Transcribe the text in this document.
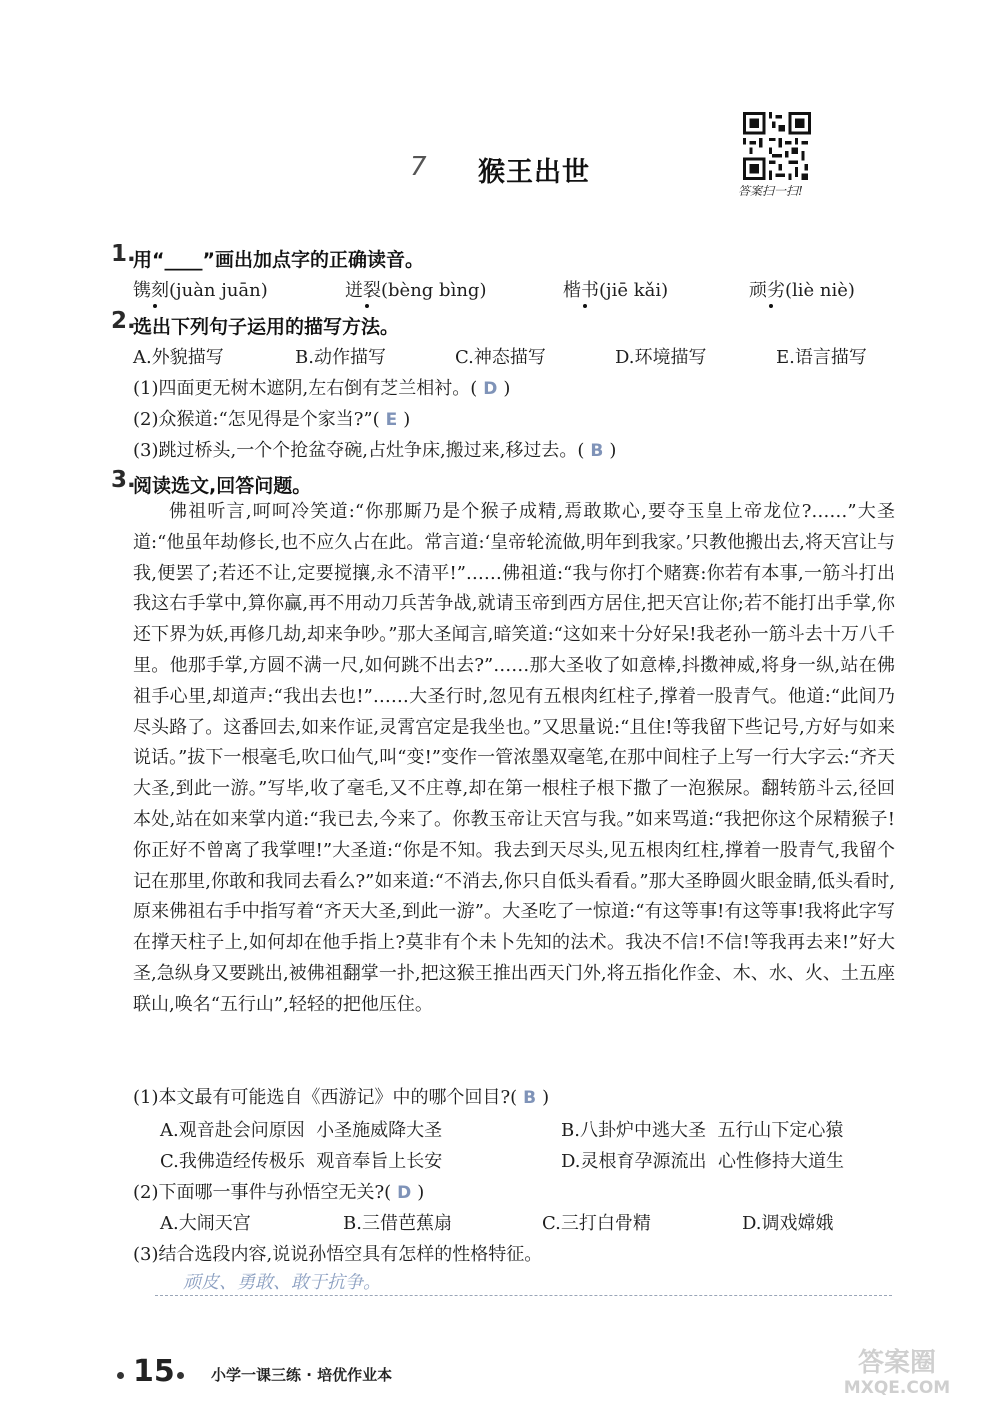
7 猴王出世
答案扫一扫!
1.
用“____”画出加点字的正确读音。
镌刻(juàn juān)	迸裂(bèng bìng)	楷书(jiē kǎi)	顽劣(liè niè)
2.
选出下列句子运用的描写方法。
A.外貌描写	B.动作描写	C.神态描写	D.环境描写	E.语言描写
(1)四面更无树木遮阴,左右倒有芝兰相衬。( D )
(2)众猴道:“怎见得是个家当?”( E )
(3)跳过桥头,一个个抢盆夺碗,占灶争床,搬过来,移过去。( B )
3.
阅读选文,回答问题。
佛祖听言,呵呵冷笑道:“你那厮乃是个猴子成精,焉敢欺心,要夺玉皇上帝龙位?……”大圣道:“他虽年劫修长,也不应久占在此。常言道:‘皇帝轮流做,明年到我家。’只教他搬出去,将天宫让与我,便罢了;若还不让,定要搅攘,永不清平!”……佛祖道:“我与你打个赌赛:你若有本事,一筋斗打出我这右手掌中,算你赢,再不用动刀兵苦争战,就请玉帝到西方居住,把天宫让你;若不能打出手掌,你还下界为妖,再修几劫,却来争吵。”那大圣闻言,暗笑道:“这如来十分好呆!我老孙一筋斗去十万八千里。他那手掌,方圆不满一尺,如何跳不出去?”……那大圣收了如意棒,抖擞神威,将身一纵,站在佛祖手心里,却道声:“我出去也!”……大圣行时,忽见有五根肉红柱子,撑着一股青气。他道:“此间乃尽头路了。这番回去,如来作证,灵霄宫定是我坐也。”又思量说:“且住!等我留下些记号,方好与如来说话。”拔下一根毫毛,吹口仙气,叫“变!”变作一管浓墨双毫笔,在那中间柱子上写一行大字云:“齐天大圣,到此一游。”写毕,收了毫毛,又不庄尊,却在第一根柱子根下撒了一泡猴尿。翻转筋斗云,径回本处,站在如来掌内道:“我已去,今来了。你教玉帝让天宫与我。”如来骂道:“我把你这个尿精猴子!你正好不曾离了我掌哩!”大圣道:“你是不知。我去到天尽头,见五根肉红柱,撑着一股青气,我留个记在那里,你敢和我同去看么?”如来道:“不消去,你只自低头看看。”那大圣睁圆火眼金睛,低头看时,原来佛祖右手中指写着“齐天大圣,到此一游”。大圣吃了一惊道:“有这等事!有这等事!我将此字写在撑天柱子上,如何却在他手指上?莫非有个未卜先知的法术。我决不信!不信!等我再去来!”好大圣,急纵身又要跳出,被佛祖翻掌一扑,把这猴王推出西天门外,将五指化作金、木、水、火、土五座联山,唤名“五行山”,轻轻的把他压住。
(1)本文最有可能选自《西游记》中的哪个回目?( B )
A.观音赴会问原因  小圣施威降大圣	B.八卦炉中逃大圣  五行山下定心猿
C.我佛造经传极乐  观音奉旨上长安	D.灵根育孕源流出  心性修持大道生
(2)下面哪一事件与孙悟空无关?( D )
A.大闹天宫	B.三借芭蕉扇	C.三打白骨精	D.调戏嫦娥
(3)结合选段内容,说说孙悟空具有怎样的性格特征。
顽皮、勇敢、敢于抗争。
15 小学一课三练 · 培优作业本	答案圈
MXQE.COM
